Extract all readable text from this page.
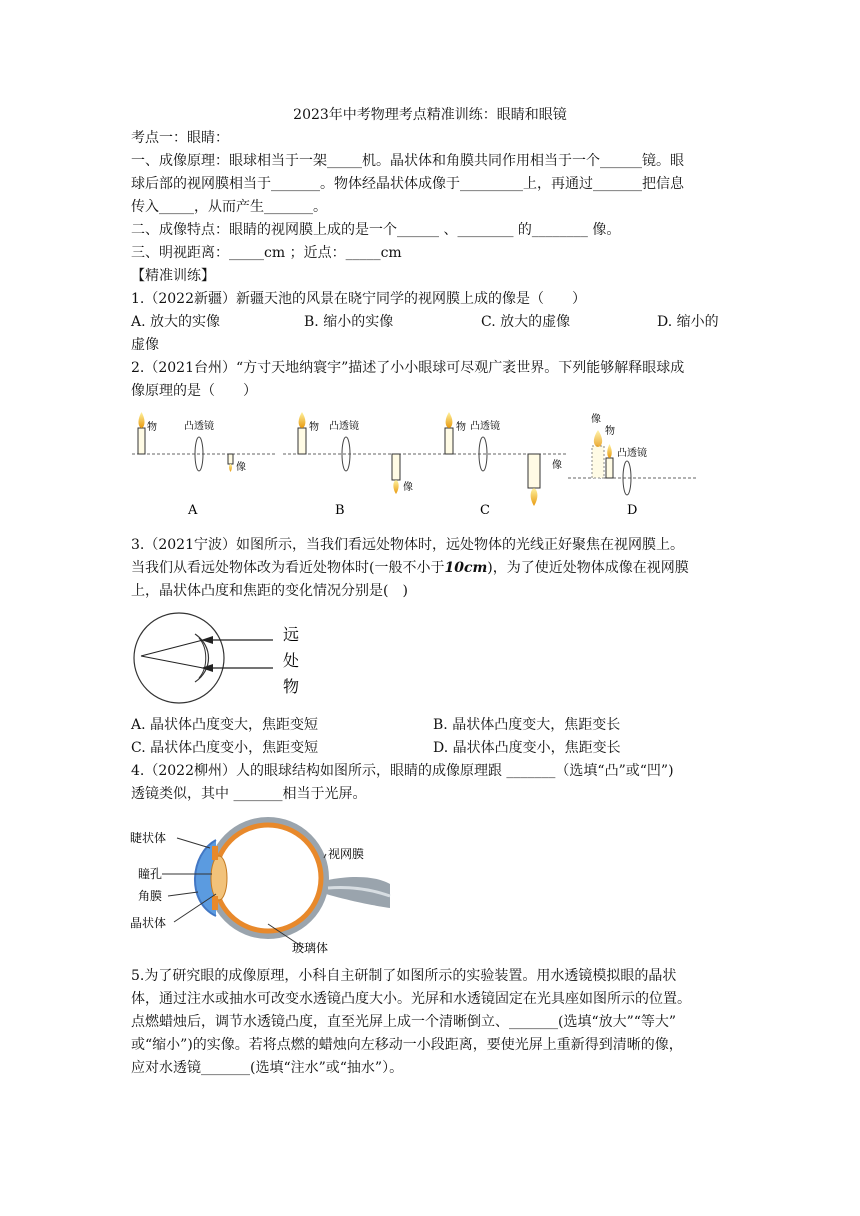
2023年中考物理考点精准训练：眼睛和眼镜
考点一：眼睛：
一、成像原理：眼球相当于一架_____机。晶状体和角膜共同作用相当于一个______镜。眼
球后部的视网膜相当于_______。物体经晶状体成像于_________上，再通过_______把信息
传入_____，从而产生_______。
二、成像特点：眼睛的视网膜上成的是一个______ 、________ 的________ 像。
三、明视距离：_____cm ；近点：_____cm
【精准训练】
1.（2022新疆）新疆天池的风景在晓宁同学的视网膜上成的像是（　　）
A. 放大的实像	B. 缩小的实像	C. 放大的虚像	D. 缩小的
虚像
2.（2021台州）“方寸天地纳寰宇”描述了小小眼球可尽观广袤世界。下列能够解释眼球成
像原理的是（　　）
物	凸透镜
像
A
物 凸透镜
像
B
物 凸透镜
像
C
像
物
凸透镜
D
3.（2021宁波）如图所示，当我们看远处物体时，远处物体的光线正好聚焦在视网膜上。
当我们从看远处物体改为看近处物体时(一般不小于10cm)，为了使近处物体成像在视网膜
上，晶状体凸度和焦距的变化情况分别是(　)
远
处
物
A. 晶状体凸度变大，焦距变短	B. 晶状体凸度变大，焦距变长
C. 晶状体凸度变小，焦距变短	D. 晶状体凸度变小，焦距变长
4.（2022柳州）人的眼球结构如图所示，眼睛的成像原理跟 _______（选填“凸”或“凹”)
透镜类似，其中 _______相当于光屏。
睫状体
瞳孔
角膜
晶状体
视网膜
玻璃体
5.为了研究眼的成像原理，小科自主研制了如图所示的实验装置。用水透镜模拟眼的晶状
体，通过注水或抽水可改变水透镜凸度大小。光屏和水透镜固定在光具座如图所示的位置。
点燃蜡烛后，调节水透镜凸度，直至光屏上成一个清晰倒立、_______(选填“放大”“等大”
或“缩小”)的实像。若将点燃的蜡烛向左移动一小段距离，要使光屏上重新得到清晰的像，
应对水透镜_______(选填“注水”或“抽水”）。
